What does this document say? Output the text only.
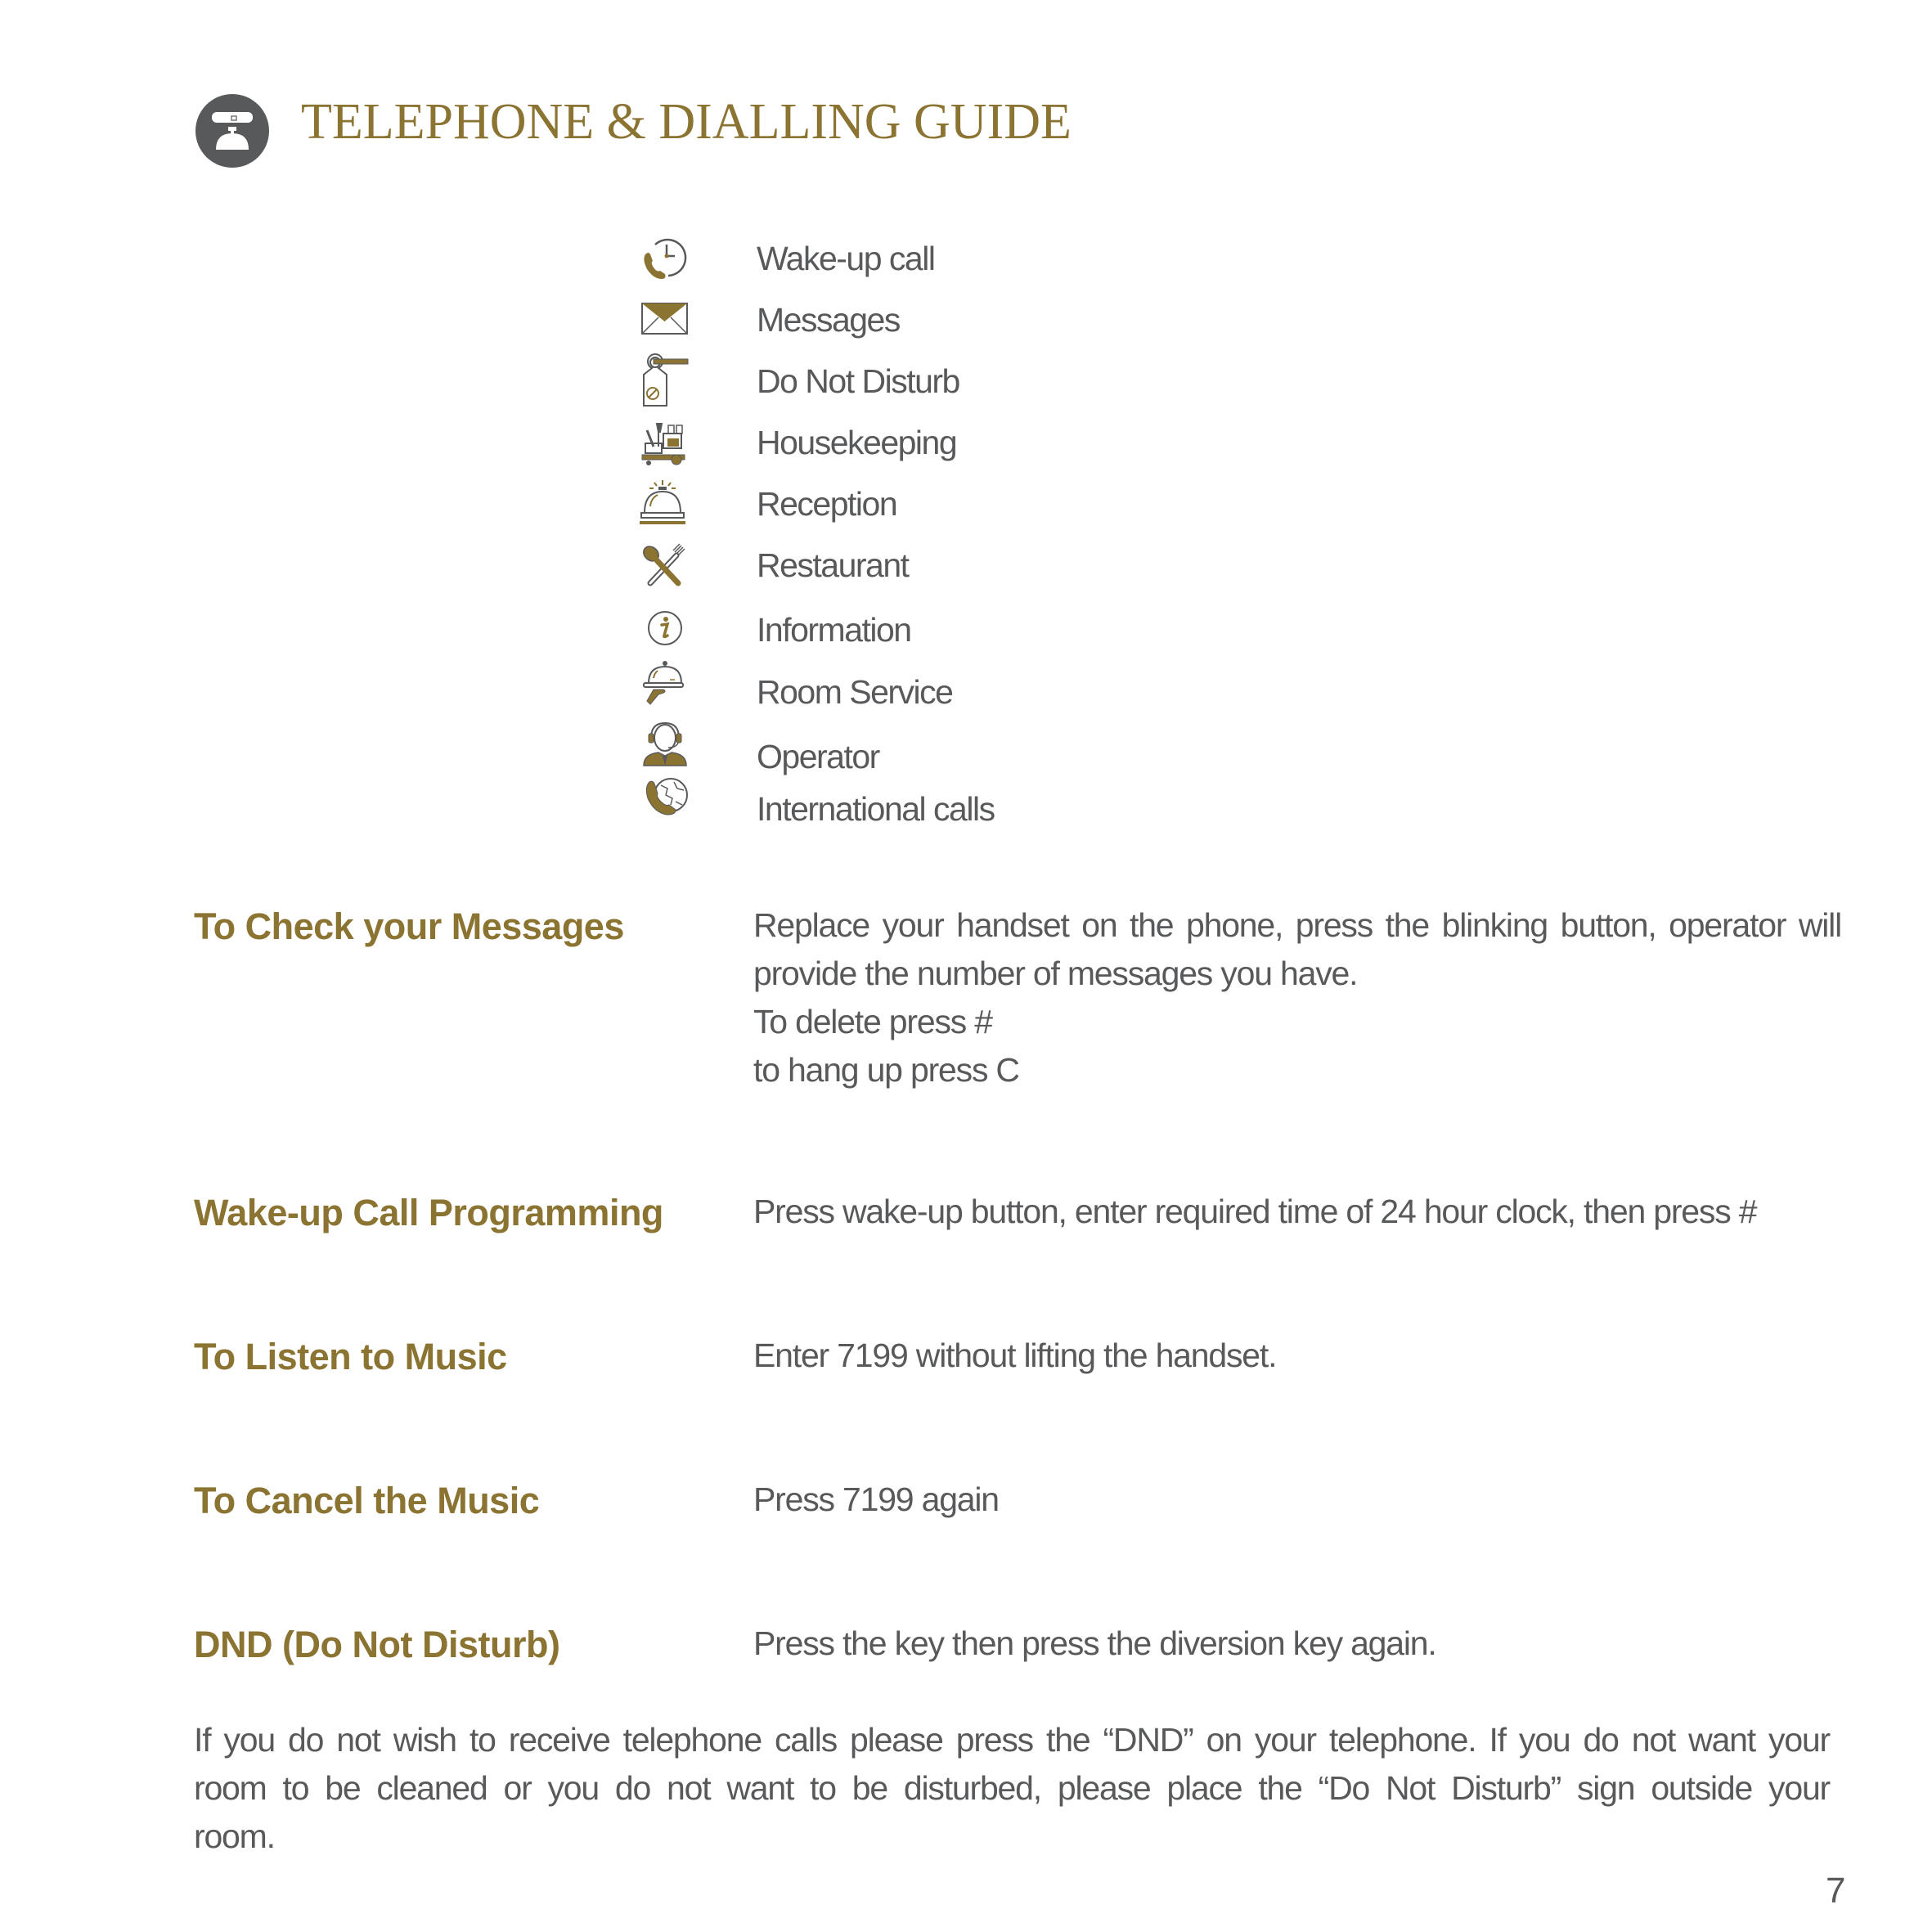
TELEPHONE & DIALLING GUIDE
Wake-up call
Messages
Do Not Disturb
Housekeeping
Reception
Restaurant
Information
Room Service
Operator
International calls
To Check your Messages	Replace your handset on the phone, press the blinking button, operator will
provide the number of messages you have.
To delete press #
to hang up press C
Wake-up Call Programming	Press wake-up button, enter required time of 24 hour clock, then press #
To Listen to Music	Enter 7199 without lifting the handset.
To Cancel the Music	Press 7199 again
DND (Do Not Disturb)	Press the key then press the diversion key again.
If you do not wish to receive telephone calls please press the “DND” on your telephone. If you do not want your
room to be cleaned or you do not want to be disturbed, please place the “Do Not Disturb” sign outside your
room.
7
